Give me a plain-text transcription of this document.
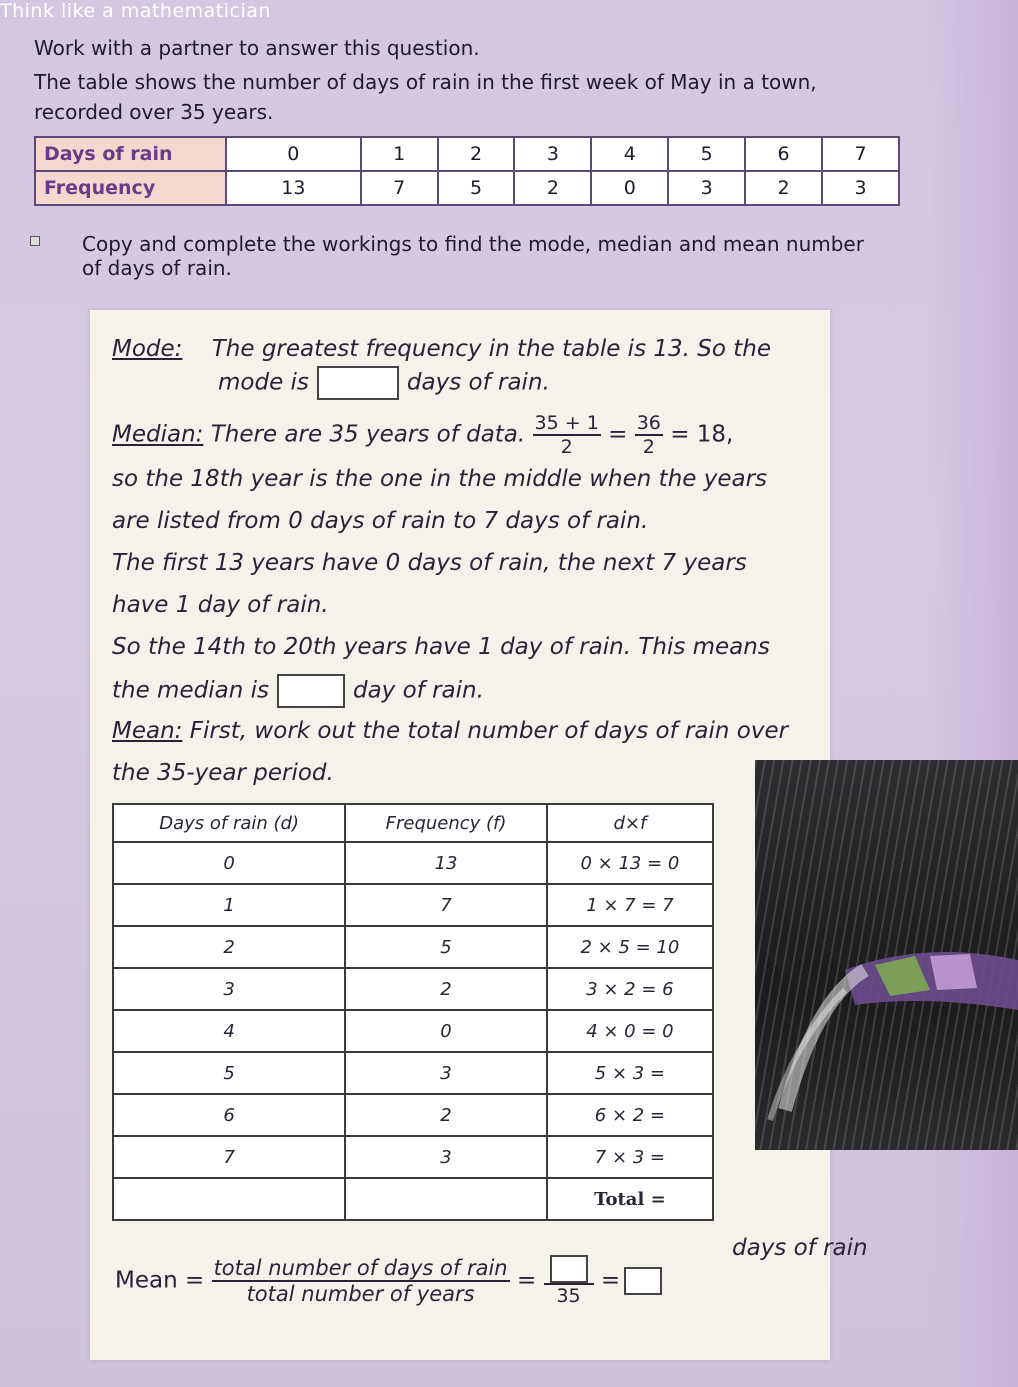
Think like a mathematician
Work with a partner to answer this question.
The table shows the number of days of rain in the first week of May in a town,
recorded over 35 years.
Days of rain	0	1	2	3	4	5	6	7
Frequency	13	7	5	2	0	3	2	3
Copy and complete the workings to find the mode, median and mean number
of days of rain.
Mode: The greatest frequency in the table is 13. So the
mode is	days of rain.
Median: There are 35 years of data. $\frac{35 + 1}{2} = \frac{36}{2} = 18$,
so the 18th year is the one in the middle when the years
are listed from 0 days of rain to 7 days of rain.
The first 13 years have 0 days of rain, the next 7 years
have 1 day of rain.
So the 14th to 20th years have 1 day of rain. This means
the median is	day of rain.
Mean: First, work out the total number of days of rain over
the 35-year period.
Days of rain (d)	Frequency (f)	d×f
0	13	0 × 13 = 0
1	7	1 × 7 = 7
2	5	2 × 5 = 10
3	2	3 × 2 = 6
4	0	4 × 0 = 0
5	3	5 × 3 =
6	2	6 × 2 =
7	3	7 × 3 =
		Total =
days of rain
Mean = $\frac{\text{total number of days of rain}}{\text{total number of years}}$ =
35
=
